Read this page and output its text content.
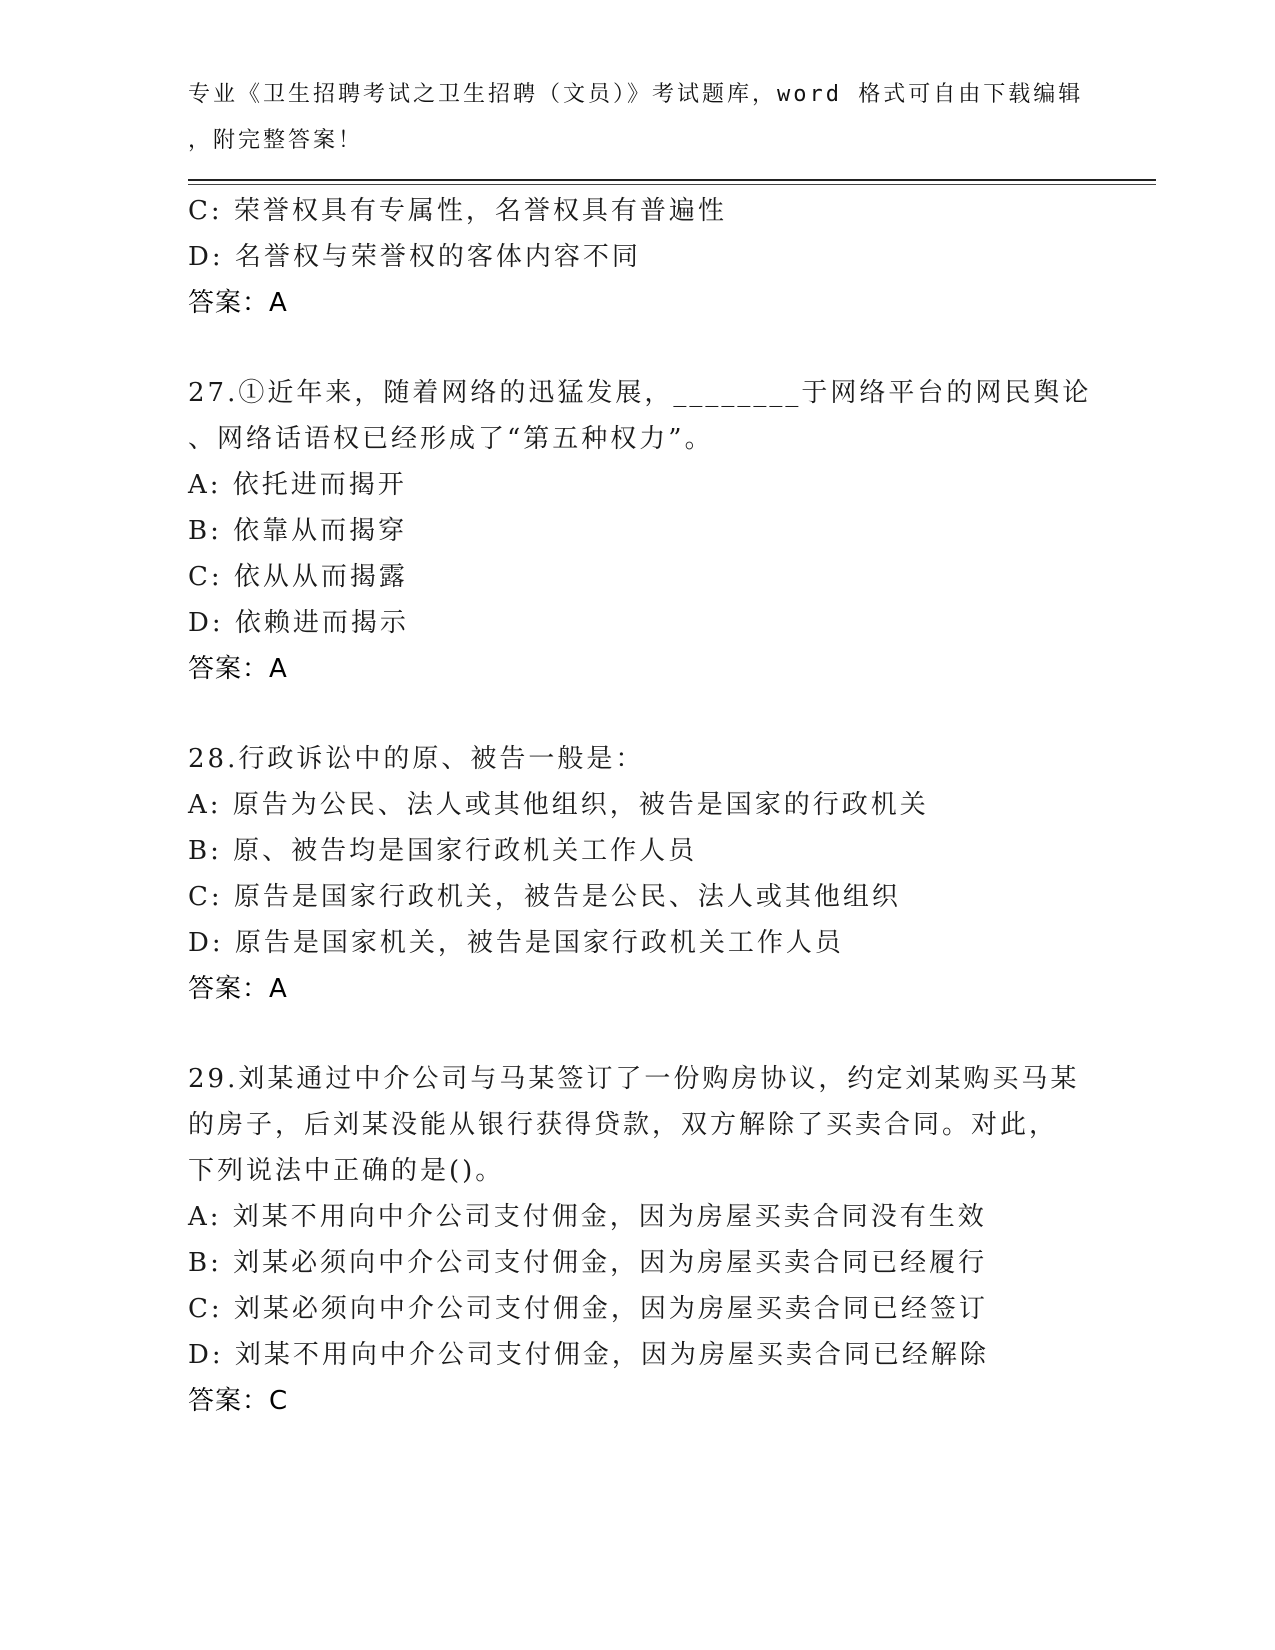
专业《卫生招聘考试之卫生招聘（文员）》考试题库，word 格式可自由下载编辑
，附完整答案！
C: 荣誉权具有专属性，名誉权具有普遍性
D: 名誉权与荣誉权的客体内容不同
答案：A
27.①近年来，随着网络的迅猛发展，________于网络平台的网民舆论
、网络话语权已经形成了“第五种权力”。
A: 依托进而揭开
B: 依靠从而揭穿
C: 依从从而揭露
D: 依赖进而揭示
答案：A
28.行政诉讼中的原、被告一般是：
A: 原告为公民、法人或其他组织，被告是国家的行政机关
B: 原、被告均是国家行政机关工作人员
C: 原告是国家行政机关，被告是公民、法人或其他组织
D: 原告是国家机关，被告是国家行政机关工作人员
答案：A
29.刘某通过中介公司与马某签订了一份购房协议，约定刘某购买马某
的房子，后刘某没能从银行获得贷款，双方解除了买卖合同。对此，
下列说法中正确的是()。
A: 刘某不用向中介公司支付佣金，因为房屋买卖合同没有生效
B: 刘某必须向中介公司支付佣金，因为房屋买卖合同已经履行
C: 刘某必须向中介公司支付佣金，因为房屋买卖合同已经签订
D: 刘某不用向中介公司支付佣金，因为房屋买卖合同已经解除
答案：C
